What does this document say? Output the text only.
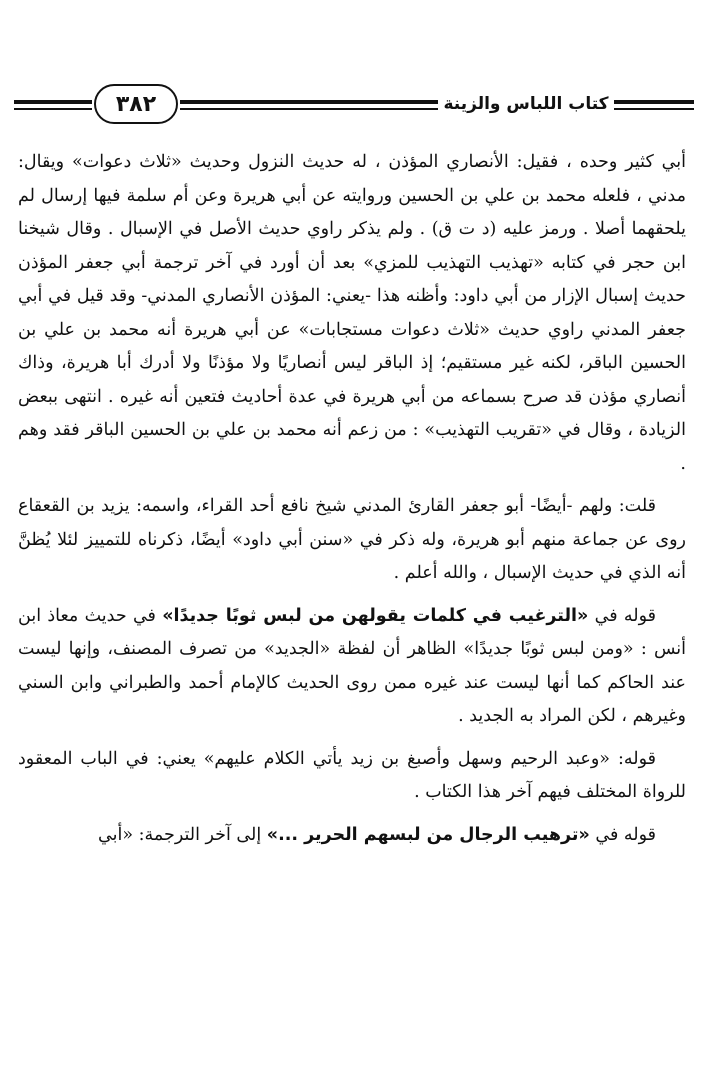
٣٨٢	كتاب اللباس والزينة

أبي كثير وحده ، فقيل: الأنصاري المؤذن ، له حديث النزول وحديث «ثلاث دعوات» ويقال: مدني ، فلعله محمد بن علي بن الحسين وروايته عن أبي هريرة وعن أم سلمة فيها إرسال لم يلحقهما أصلا . ورمز عليه (د ت ق) . ولم يذكر راوي حديث الأصل في الإسبال . وقال شيخنا ابن حجر في كتابه «تهذيب التهذيب للمزي» بعد أن أورد في آخر ترجمة أبي جعفر المؤذن حديث إسبال الإزار من أبي داود: وأظنه هذا -يعني: المؤذن الأنصاري المدني- وقد قيل في أبي جعفر المدني راوي حديث «ثلاث دعوات مستجابات» عن أبي هريرة أنه محمد بن علي بن الحسين الباقر، لكنه غير مستقيم؛ إذ الباقر ليس أنصاريًا ولا مؤذنًا ولا أدرك أبا هريرة، وذاك أنصاري مؤذن قد صرح بسماعه من أبي هريرة في عدة أحاديث فتعين أنه غيره . انتهى ببعض الزيادة ، وقال في «تقريب التهذيب» : من زعم أنه محمد بن علي بن الحسين الباقر فقد وهم .

قلت: ولهم -أيضًا- أبو جعفر القارئ المدني شيخ نافع أحد القراء، واسمه: يزيد بن القعقاع روى عن جماعة منهم أبو هريرة، وله ذكر في «سنن أبي داود» أيضًا، ذكرناه للتمييز لئلا يُظنَّ أنه الذي في حديث الإسبال ، والله أعلم .

قوله في «الترغيب في كلمات يقولهن من لبس ثوبًا جديدًا» في حديث معاذ ابن أنس : «ومن لبس ثوبًا جديدًا» الظاهر أن لفظة «الجديد» من تصرف المصنف، وإنها ليست عند الحاكم كما أنها ليست عند غيره ممن روى الحديث كالإمام أحمد والطبراني وابن السني وغيرهم ، لكن المراد به الجديد .

قوله: «وعبد الرحيم وسهل وأصبغ بن زيد يأتي الكلام عليهم» يعني: في الباب المعقود للرواة المختلف فيهم آخر هذا الكتاب .

قوله في «ترهيب الرجال من لبسهم الحرير ...» إلى آخر الترجمة: «أبي
